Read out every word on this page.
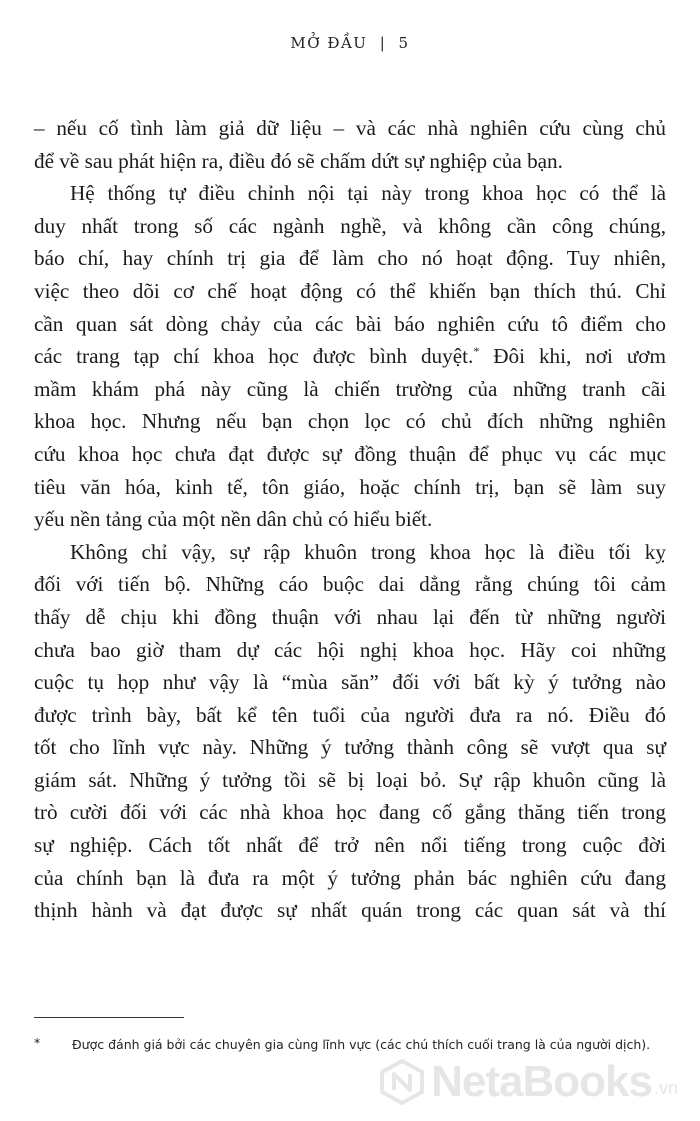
MỞ ĐẦU | 5
– nếu cố tình làm giả dữ liệu – và các nhà nghiên cứu cùng chủ
để về sau phát hiện ra, điều đó sẽ chấm dứt sự nghiệp của bạn.
Hệ thống tự điều chỉnh nội tại này trong khoa học có thể là
duy nhất trong số các ngành nghề, và không cần công chúng,
báo chí, hay chính trị gia để làm cho nó hoạt động. Tuy nhiên,
việc theo dõi cơ chế hoạt động có thể khiến bạn thích thú. Chỉ
cần quan sát dòng chảy của các bài báo nghiên cứu tô điểm cho
các trang tạp chí khoa học được bình duyệt.* Đôi khi, nơi ươm
mầm khám phá này cũng là chiến trường của những tranh cãi
khoa học. Nhưng nếu bạn chọn lọc có chủ đích những nghiên
cứu khoa học chưa đạt được sự đồng thuận để phục vụ các mục
tiêu văn hóa, kinh tế, tôn giáo, hoặc chính trị, bạn sẽ làm suy
yếu nền tảng của một nền dân chủ có hiểu biết.
Không chỉ vậy, sự rập khuôn trong khoa học là điều tối kỵ
đối với tiến bộ. Những cáo buộc dai dẳng rằng chúng tôi cảm
thấy dễ chịu khi đồng thuận với nhau lại đến từ những người
chưa bao giờ tham dự các hội nghị khoa học. Hãy coi những
cuộc tụ họp như vậy là “mùa săn” đối với bất kỳ ý tưởng nào
được trình bày, bất kể tên tuổi của người đưa ra nó. Điều đó
tốt cho lĩnh vực này. Những ý tưởng thành công sẽ vượt qua sự
giám sát. Những ý tưởng tồi sẽ bị loại bỏ. Sự rập khuôn cũng là
trò cười đối với các nhà khoa học đang cố gắng thăng tiến trong
sự nghiệp. Cách tốt nhất để trở nên nổi tiếng trong cuộc đời
của chính bạn là đưa ra một ý tưởng phản bác nghiên cứu đang
thịnh hành và đạt được sự nhất quán trong các quan sát và thí
*	Được đánh giá bởi các chuyên gia cùng lĩnh vực (các chú thích cuối trang là của người dịch).
NetaBooks .vn
